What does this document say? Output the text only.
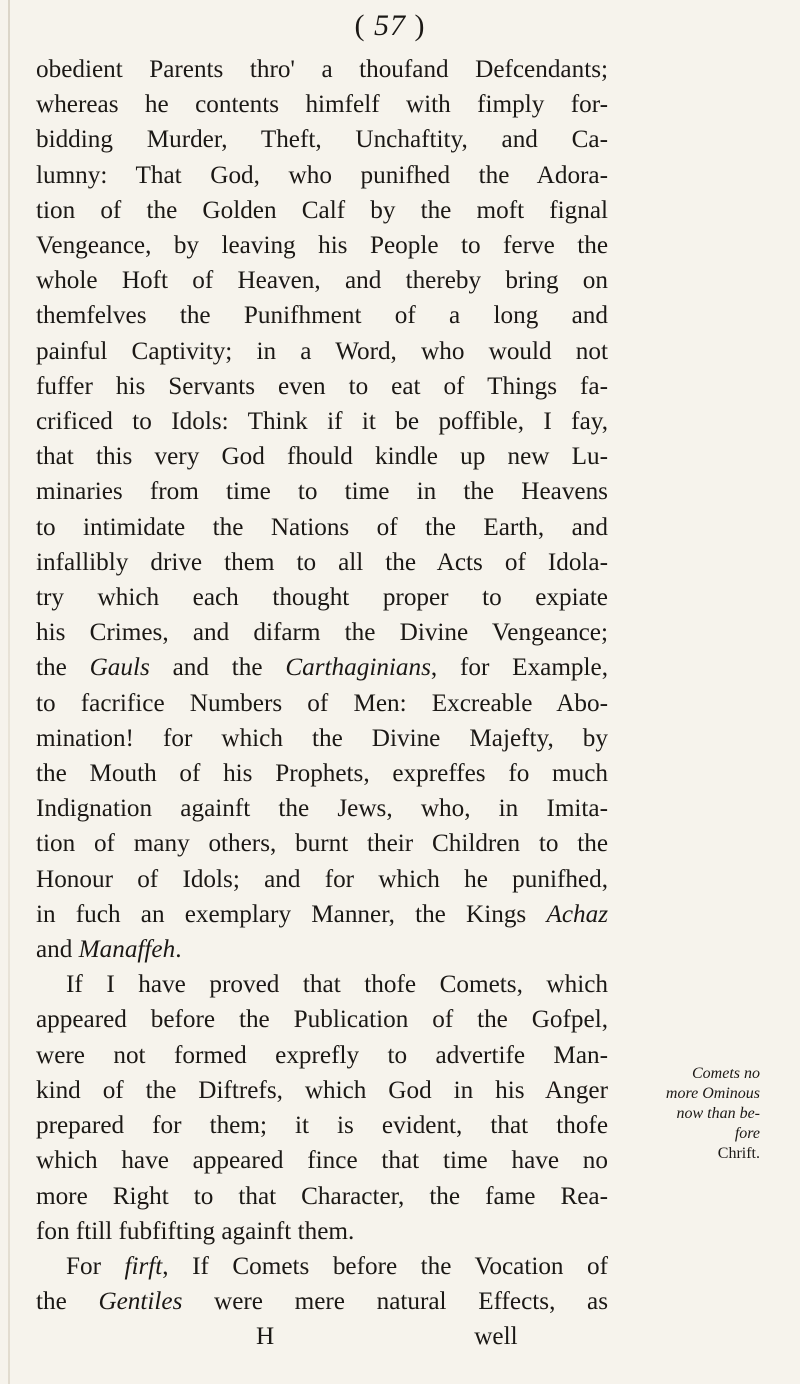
( 57 )
obedient Parents thro' a thoufand Defcendants;
whereas he contents himfelf with fimply for-
bidding Murder, Theft, Unchaftity, and Ca-
lumny: That God, who punifhed the Adora-
tion of the Golden Calf by the moft fignal
Vengeance, by leaving his People to ferve the
whole Hoft of Heaven, and thereby bring on
themfelves the Punifhment of a long and
painful Captivity; in a Word, who would not
fuffer his Servants even to eat of Things fa-
crificed to Idols: Think if it be poffible, I fay,
that this very God fhould kindle up new Lu-
minaries from time to time in the Heavens
to intimidate the Nations of the Earth, and
infallibly drive them to all the Acts of Idola-
try which each thought proper to expiate
his Crimes, and difarm the Divine Vengeance;
the Gauls and the Carthaginians, for Example,
to facrifice Numbers of Men: Excreable Abo-
mination! for which the Divine Majefty, by
the Mouth of his Prophets, expreffes fo much
Indignation againft the Jews, who, in Imita-
tion of many others, burnt their Children to the
Honour of Idols; and for which he punifhed,
in fuch an exemplary Manner, the Kings Achaz
and Manaffeh.
If I have proved that thofe Comets, which
appeared before the Publication of the Gofpel,
were not formed exprefly to advertife Man-
kind of the Diftrefs, which God in his Anger
prepared for them; it is evident, that thofe
which have appeared fince that time have no
more Right to that Character, the fame Rea-
fon ftill fubfifting againft them.
For firft, If Comets before the Vocation of
the Gentiles were mere natural Effects, as
H	well
Comets no
more Ominous
now than be-
fore
Chrift.
